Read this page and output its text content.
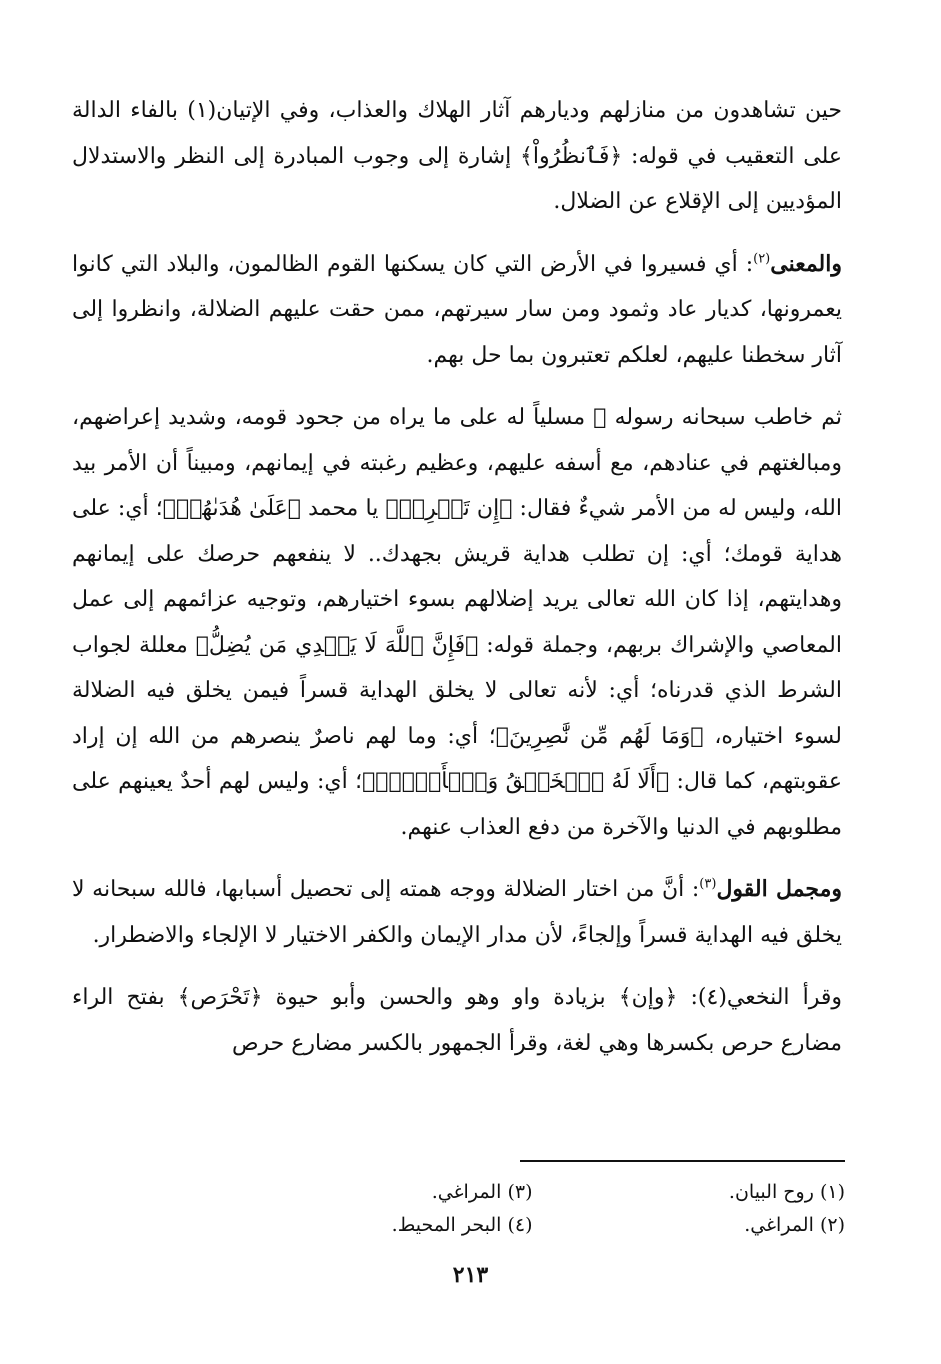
حين تشاهدون من منازلهم وديارهم آثار الهلاك والعذاب، وفي الإتيان(١) بالفاء الدالة على التعقيب في قوله: ﴿فَٱنظُرُواْ﴾ إشارة إلى وجوب المبادرة إلى النظر والاستدلال المؤديين إلى الإقلاع عن الضلال.

والمعنى$^{(٢)}$: أي فسيروا في الأرض التي كان يسكنها القوم الظالمون، والبلاد التي كانوا يعمرونها، كديار عاد وثمود ومن سار سيرتهم، ممن حقت عليهم الضلالة، وانظروا إلى آثار سخطنا عليهم، لعلكم تعتبرون بما حل بهم.

ثم خاطب سبحانه رسوله ﷺ مسلياً له على ما يراه من جحود قومه، وشديد إعراضهم، ومبالغتهم في عنادهم، مع أسفه عليهم، وعظيم رغبته في إيمانهم، ومبيناً أن الأمر بيد الله، وليس له من الأمر شيءٌ فقال: ﴿إِن تَحۡرِصۡ﴾ يا محمد ﴿عَلَىٰ هُدَىٰهُمۡ﴾؛ أي: على هداية قومك؛ أي: إن تطلب هداية قريش بجهدك.. لا ينفعهم حرصك على إيمانهم وهدايتهم، إذا كان الله تعالى يريد إضلالهم بسوء اختيارهم، وتوجيه عزائمهم إلى عمل المعاصي والإشراك بربهم، وجملة قوله: ﴿فَإِنَّ ٱللَّهَ لَا يَهۡدِي مَن يُضِلُّ﴾ معللة لجواب الشرط الذي قدرناه؛ أي: لأنه تعالى لا يخلق الهداية قسراً فيمن يخلق فيه الضلالة لسوء اختياره، ﴿وَمَا لَهُم مِّن نَّٰصِرِينَ﴾؛ أي: وما لهم ناصرٌ ينصرهم من الله إن إراد عقوبتهم، كما قال: ﴿أَلَا لَهُ ٱلۡخَلۡقُ وَٱلۡأَمۡرُۗ﴾؛ أي: وليس لهم أحدٌ يعينهم على مطلوبهم في الدنيا والآخرة من دفع العذاب عنهم.

ومجمل القول$^{(٣)}$: أنَّ من اختار الضلالة ووجه همته إلى تحصيل أسبابها، فالله سبحانه لا يخلق فيه الهداية قسراً وإلجاءً، لأن مدار الإيمان والكفر الاختيار لا الإلجاء والاضطرار.

وقرأ النخعي(٤): ﴿وإن﴾ بزيادة واو وهو والحسن وأبو حيوة ﴿تَحْرَص﴾ بفتح الراء مضارع حرص بكسرها وهي لغة، وقرأ الجمهور بالكسر مضارع حرص

(١) روح البيان.
(٣) المراغي.
(٢) المراغي.
(٤) البحر المحيط.
٢١٣
